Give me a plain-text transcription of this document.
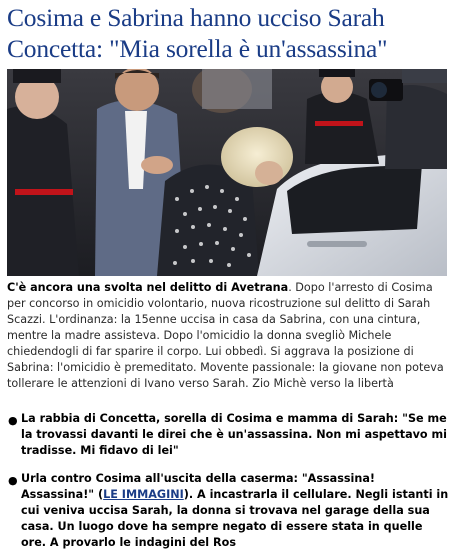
Cosima e Sabrina hanno ucciso Sarah Concetta: "Mia sorella è un'assassina"

C'è ancora una svolta nel delitto di Avetrana. Dopo l'arresto di Cosima per concorso in omicidio volontario, nuova ricostruzione sul delitto di Sarah Scazzi. L'ordinanza: la 15enne uccisa in casa da Sabrina, con una cintura, mentre la madre assisteva. Dopo l'omicidio la donna svegliò Michele chiedendogli di far sparire il corpo. Lui obbedì. Si aggrava la posizione di Sabrina: l'omicidio è premeditato. Movente passionale: la giovane non poteva tollerare le attenzioni di Ivano verso Sarah. Zio Michè verso la libertà

● La rabbia di Concetta, sorella di Cosima e mamma di Sarah: "Se me la trovassi davanti le direi che è un'assassina. Non mi aspettavo mi tradisse. Mi fidavo di lei"
● Urla contro Cosima all'uscita della caserma: "Assassina! Assassina!" (LE IMMAGINI). A incastrarla il cellulare. Negli istanti in cui veniva uccisa Sarah, la donna si trovava nel garage della sua casa. Un luogo dove ha sempre negato di essere stata in quelle ore. A provarlo le indagini del Ros
